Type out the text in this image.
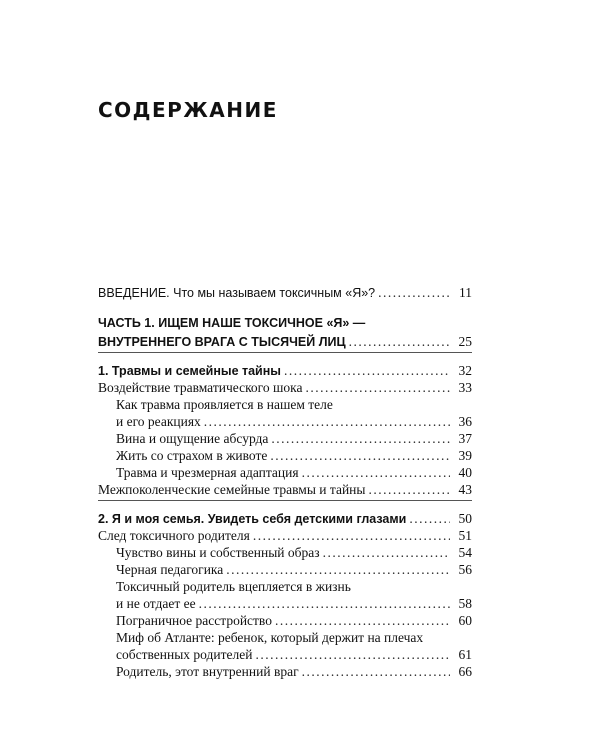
СОДЕРЖАНИЕ
ВВЕДЕНИЕ. Что мы называем токсичным «Я»? .....	11
ЧАСТЬ 1. ИЩЕМ НАШЕ ТОКСИЧНОЕ «Я» —
ВНУТРЕННЕГО ВРАГА С ТЫСЯЧЕЙ ЛИЦ .....	25
1. Травмы и семейные тайны .....	32
Воздействие травматического шока .....	33
Как травма проявляется в нашем теле
и его реакциях .....	36
Вина и ощущение абсурда .....	37
Жить со страхом в животе .....	39
Травма и чрезмерная адаптация .....	40
Межпоколенческие семейные травмы и тайны .....	43
2. Я и моя семья. Увидеть себя детскими глазами .....	50
След токсичного родителя .....	51
Чувство вины и собственный образ .....	54
Черная педагогика .....	56
Токсичный родитель вцепляется в жизнь
и не отдает ее .....	58
Пограничное расстройство .....	60
Миф об Атланте: ребенок, который держит на плечах
собственных родителей .....	61
Родитель, этот внутренний враг .....	66
